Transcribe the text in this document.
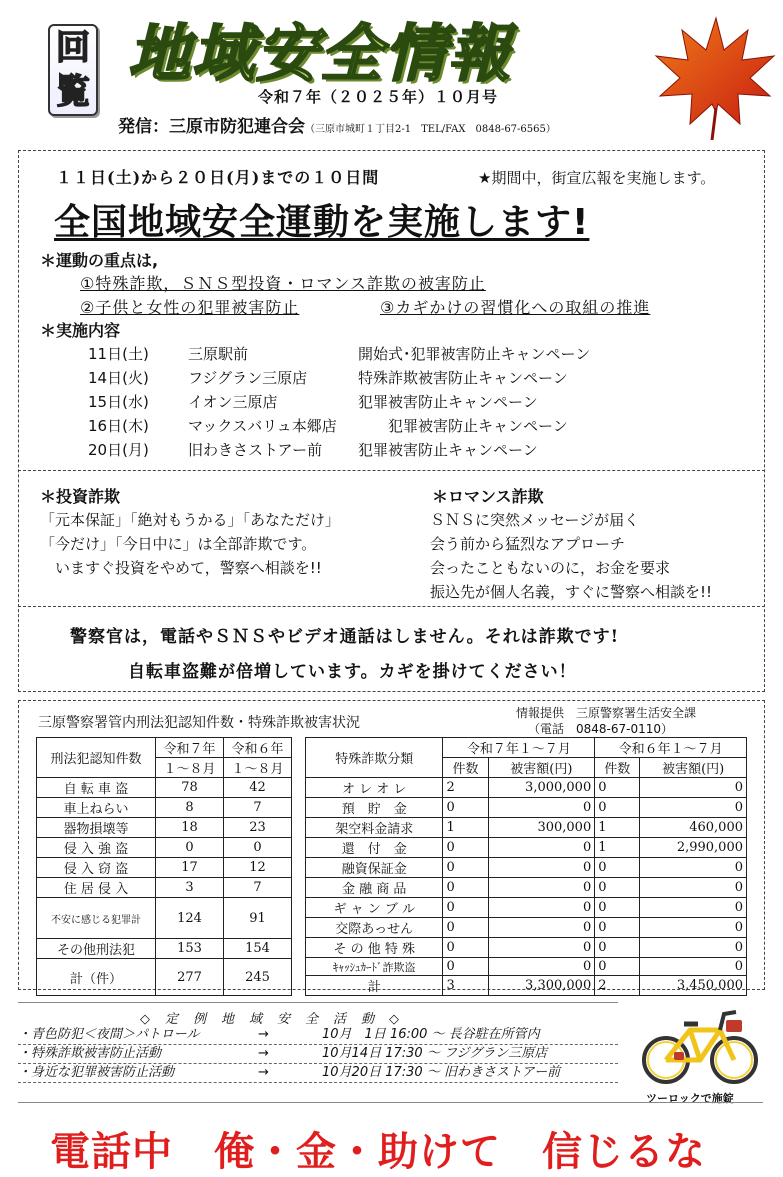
回
覧
地域安全情報
令和７年（２０２５年）１０月号
発信：三原市防犯連合会（三原市城町１丁目2-1　TEL/FAX　0848-67-6565）
１１日(土)から２０日(月)までの１０日間	★期間中，街宣広報を実施します。
全国地域安全運動を実施します!
＊運動の重点は,
①特殊詐欺，ＳＮＳ型投資・ロマンス詐欺の被害防止
②子供と女性の犯罪被害防止	③カギかけの習慣化への取組の推進
＊実施内容
11日(土)	三原駅前	開始式･犯罪被害防止キャンペーン
14日(火)	フジグラン三原店	特殊詐欺被害防止キャンペーン
15日(水)	イオン三原店	犯罪被害防止キャンペーン
16日(木)	マックスバリュ本郷店	犯罪被害防止キャンペーン
20日(月)	旧わきさストアー前	犯罪被害防止キャンペーン
＊投資詐欺
「元本保証」「絶対もうかる」「あなただけ」
「今だけ」「今日中に」は全部詐欺です。
　いますぐ投資をやめて，警察へ相談を!!
＊ロマンス詐欺
ＳＮＳに突然メッセージが届く
会う前から猛烈なアプローチ
会ったこともないのに，お金を要求
振込先が個人名義，すぐに警察へ相談を!!
警察官は，電話やＳＮＳやビデオ通話はしません。それは詐欺です!
自転車盗難が倍増しています。カギを掛けてください！
三原警察署管内刑法犯認知件数・特殊詐欺被害状況
情報提供　三原警察署生活安全課
（電話　0848-67-0110）
刑法犯認知件数	令和７年	令和６年
	１～８月	１～８月
自 転 車 盗	78	42
車上ねらい	8	7
器物損壊等	18	23
侵 入 強 盗	0	0
侵 入 窃 盗	17	12
住 居 侵 入	3	7
不安に感じる犯罪計	124	91
その他刑法犯	153	154
計（件）	277	245
特殊詐欺分類	令和７年１～７月		令和６年１～７月	
	件数	被害額(円)	件数	被害額(円)
オ レ オ レ	2	3,000,000	0	0
預　貯　金	0	0	0	0
架空料金請求	1	300,000	1	460,000
還　付　金	0	0	1	2,990,000
融資保証金	0	0	0	0
金 融 商 品	0	0	0	0
ギ ャ ン ブ ル	0	0	0	0
交際あっせん	0	0	0	0
そ の 他 特 殊	0	0	0	0
ｷｬｯｼｭｶｰﾄﾞ詐欺盗	0	0	0	0
計	3	3,300,000	2	3,450,000
◇　定　例　地　域　安　全　活　動　◇
・青色防犯＜夜間＞パトロール	→	10月　1日 16:00 ～ 長谷駐在所管内
・特殊詐欺被害防止活動	→	10月14日 17:30 ～ フジグラン三原店
・身近な犯罪被害防止活動	→	10月20日 17:30 ～ 旧わきさストアー前
ツーロックで施錠
電話中　俺・金・助けて　信じるな
